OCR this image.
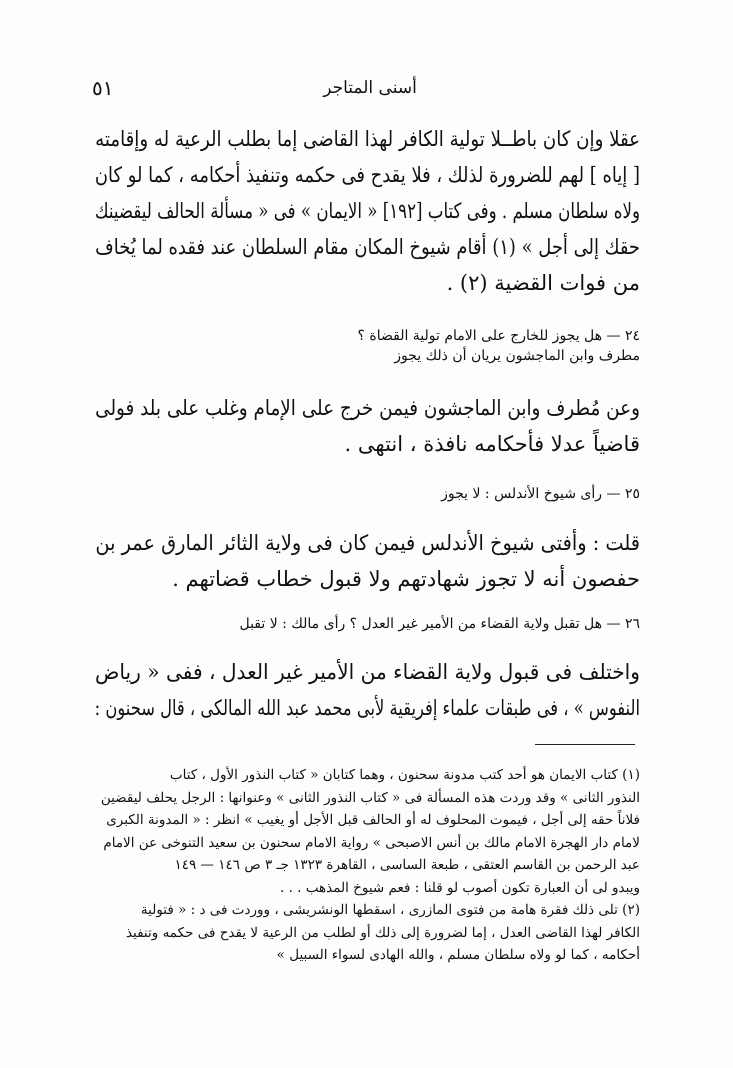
أسنى المتاجر
٥١
عقلا وإن كان باطــلا تولية الكافر لهذا القاضى إما بطلب الرعية له وإقامته
[ إياه ] لهم للضرورة لذلك ، فلا يقدح فى حكمه وتنفيذ أحكامه ، كما لو كان
ولاه سلطان مسلم . وفى كتاب [١٩٢] « الايمان » فى « مسألة الحالف ليقضينك
حقك إلى أجل » (١) أقام شيوخ المكان مقام السلطان عند فقده لما يُخاف
من فوات القضية (٢) .
٢٤ — هل يجوز للخارج على الامام تولية القضاة ؟
مطرف وابن الماجشون يريان أن ذلك يجوز
وعن مُطرف وابن الماجشون فيمن خرج على الإمام وغلب على بلد فولى
قاضياً عدلا فأحكامه نافذة ، انتهى .
٢٥ — رأى شيوخ الأندلس : لا يجوز
قلت : وأفتى شيوخ الأندلس فيمن كان فى ولاية الثائر المارق عمر بن
حفصون أنه لا تجوز شهادتهم ولا قبول خطاب قضاتهم .
٢٦ — هل تقبل ولاية القضاء من الأمير غير العدل ؟ رأى مالك : لا تقبل
واختلف فى قبول ولاية القضاء من الأمير غير العدل ، ففى « رياض
النفوس » ، فى طبقات علماء إفريقية لأبى محمد عبد الله المالكى ، قال سحنون :
(١) كتاب الايمان هو أحد كتب مدونة سحنون ، وهما كتابان « كتاب النذور الأول ، كتاب
النذور الثانى » وقد وردت هذه المسألة فى « كتاب النذور الثانى » وعنوانها : الرجل يحلف ليقضين
فلاناً حقه إلى أجل ، فيموت المحلوف له أو الحالف قبل الأجل أو يغيب » انظر : « المدونة الكبرى
لامام دار الهجرة الامام مالك بن أنس الاصبحى » رواية الامام سحنون بن سعيد التنوخى عن الامام
عبد الرحمن بن القاسم العتقى ، طبعة الساسى ، القاهرة ١٣٢٣ جـ ٣ ص ١٤٦ — ١٤٩
ويبدو لى أن العبارة تكون أصوب لو قلنا : فعم شيوخ المذهب . . .
(٢) تلى ذلك فقرة هامة من فتوى المازرى ، اسقطها الونشريشى ، ووردت فى د : « فتولية
الكافر لهذا القاضى العدل ، إما لضرورة إلى ذلك أو لطلب من الرعية لا يقدح فى حكمه وتنفيذ
أحكامه ، كما لو ولاه سلطان مسلم ، والله الهادى لسواء السبيل »
